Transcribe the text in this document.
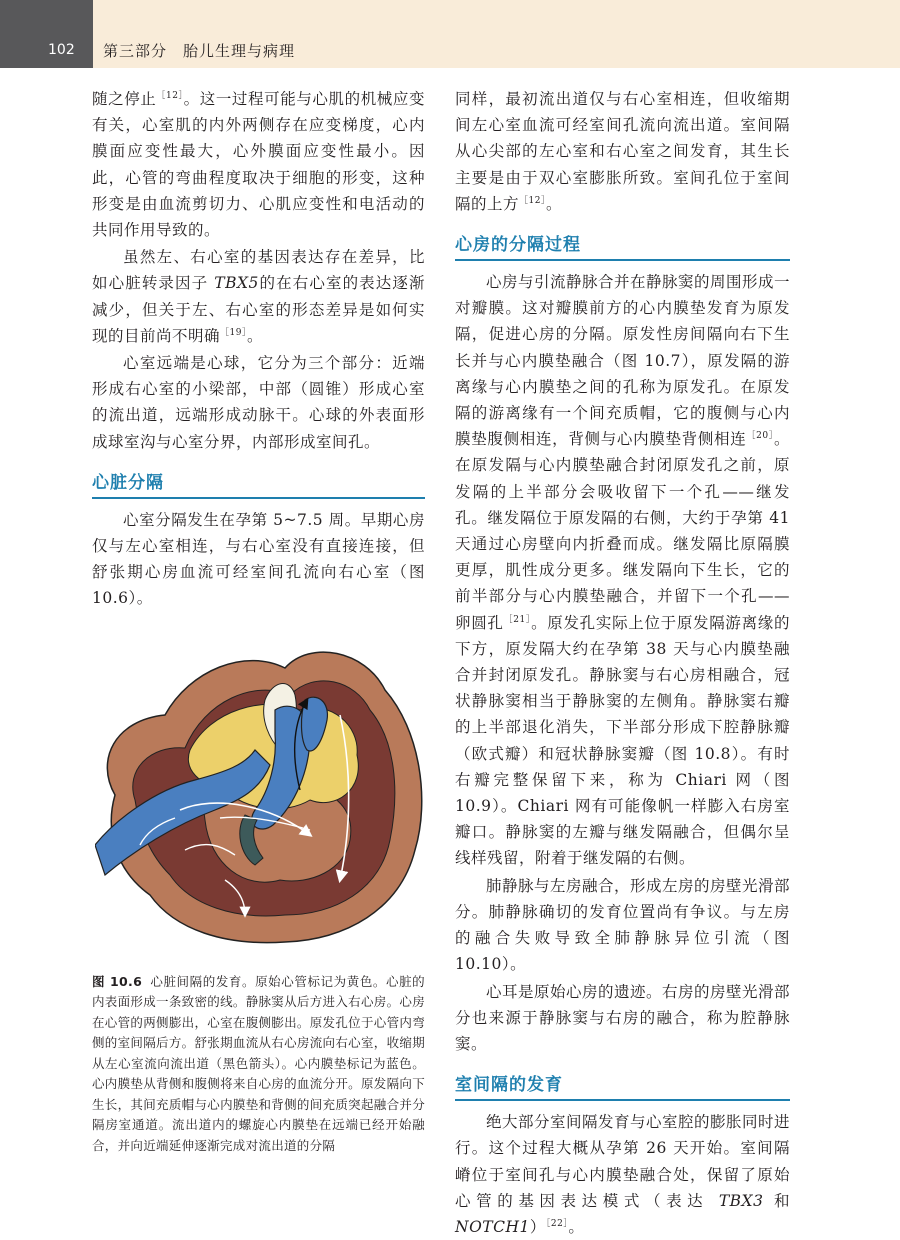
102 第三部分　胎儿生理与病理

随之停止$^{[12]}$。这一过程可能与心肌的机械应变有关，心室肌的内外两侧存在应变梯度，心内膜面应变性最大，心外膜面应变性最小。因此，心管的弯曲程度取决于细胞的形变，这种形变是由血流剪切力、心肌应变性和电活动的共同作用导致的。

虽然左、右心室的基因表达存在差异，比如心脏转录因子 TBX5的在右心室的表达逐渐减少，但关于左、右心室的形态差异是如何实现的目前尚不明确$^{[19]}$。

心室远端是心球，它分为三个部分：近端形成右心室的小梁部，中部（圆锥）形成心室的流出道，远端形成动脉干。心球的外表面形成球室沟与心室分界，内部形成室间孔。

心脏分隔

心室分隔发生在孕第 5~7.5 周。早期心房仅与左心室相连，与右心室没有直接连接，但舒张期心房血流可经室间孔流向右心室（图 10.6）。

图 10.6 心脏间隔的发育。原始心管标记为黄色。心脏的内表面形成一条致密的线。静脉窦从后方进入右心房。心房在心管的两侧膨出，心室在腹侧膨出。原发孔位于心管内弯侧的室间隔后方。舒张期血流从右心房流向右心室，收缩期从左心室流向流出道（黑色箭头）。心内膜垫标记为蓝色。心内膜垫从背侧和腹侧将来自心房的血流分开。原发隔向下生长，其间充质帽与心内膜垫和背侧的间充质突起融合并分隔房室通道。流出道内的螺旋心内膜垫在远端已经开始融合，并向近端延伸逐渐完成对流出道的分隔

同样，最初流出道仅与右心室相连，但收缩期间左心室血流可经室间孔流向流出道。室间隔从心尖部的左心室和右心室之间发育，其生长主要是由于双心室膨胀所致。室间孔位于室间隔的上方$^{[12]}$。

心房的分隔过程

心房与引流静脉合并在静脉窦的周围形成一对瓣膜。这对瓣膜前方的心内膜垫发育为原发隔，促进心房的分隔。原发性房间隔向右下生长并与心内膜垫融合（图 10.7），原发隔的游离缘与心内膜垫之间的孔称为原发孔。在原发隔的游离缘有一个间充质帽，它的腹侧与心内膜垫腹侧相连，背侧与心内膜垫背侧相连$^{[20]}$。在原发隔与心内膜垫融合封闭原发孔之前，原发隔的上半部分会吸收留下一个孔——继发孔。继发隔位于原发隔的右侧，大约于孕第 41 天通过心房壁向内折叠而成。继发隔比原隔膜更厚，肌性成分更多。继发隔向下生长，它的前半部分与心内膜垫融合，并留下一个孔——卵圆孔$^{[21]}$。原发孔实际上位于原发隔游离缘的下方，原发隔大约在孕第 38 天与心内膜垫融合并封闭原发孔。静脉窦与右心房相融合，冠状静脉窦相当于静脉窦的左侧角。静脉窦右瓣的上半部退化消失，下半部分形成下腔静脉瓣（欧式瓣）和冠状静脉窦瓣（图 10.8）。有时右瓣完整保留下来，称为 Chiari 网（图 10.9）。Chiari 网有可能像帆一样膨入右房室瓣口。静脉窦的左瓣与继发隔融合，但偶尔呈线样残留，附着于继发隔的右侧。

肺静脉与左房融合，形成左房的房壁光滑部分。肺静脉确切的发育位置尚有争议。与左房的融合失败导致全肺静脉异位引流（图 10.10）。

心耳是原始心房的遗迹。右房的房壁光滑部分也来源于静脉窦与右房的融合，称为腔静脉窦。

室间隔的发育

绝大部分室间隔发育与心室腔的膨胀同时进行。这个过程大概从孕第 26 天开始。室间隔嵴位于室间孔与心内膜垫融合处，保留了原始心管的基因表达模式（表达 TBX3 和 NOTCH1）$^{[22]}$。
